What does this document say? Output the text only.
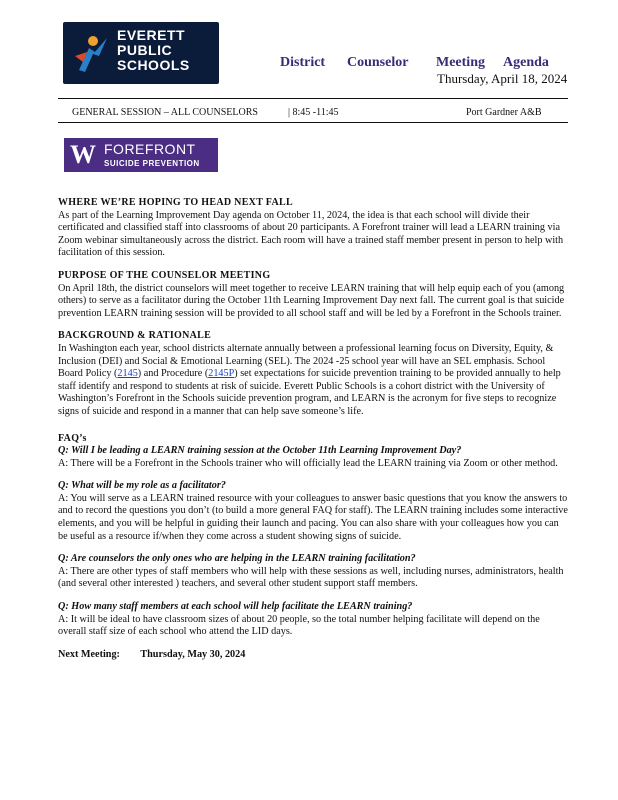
EVERETT
PUBLIC
SCHOOLS	District Counselor Meeting Agenda
Thursday, April 18, 2024
GENERAL SESSION – ALL COUNSELORS	| 8:45 -11:45	Port Gardner A&B
W FOREFRONT
SUICIDE PREVENTION

WHERE WE’RE HOPING TO HEAD NEXT FALL

As part of the Learning Improvement Day agenda on October 11, 2024, the idea is that each school will divide their certificated and classified staff into classrooms of about 20 participants. A Forefront trainer will lead a LEARN training via Zoom webinar simultaneously across the district. Each room will have a trained staff member present in person to help with facilitation of this session.

PURPOSE OF THE COUNSELOR MEETING

On April 18th, the district counselors will meet together to receive LEARN training that will help equip each of you (among others) to serve as a facilitator during the October 11th Learning Improvement Day next fall. The current goal is that suicide prevention LEARN training session will be provided to all school staff and will be led by a Forefront in the Schools trainer.

BACKGROUND & RATIONALE

In Washington each year, school districts alternate annually between a professional learning focus on Diversity, Equity, & Inclusion (DEI) and Social & Emotional Learning (SEL). The 2024 -25 school year will have an SEL emphasis. School Board Policy (2145) and Procedure (2145P) set expectations for suicide prevention training to be provided annually to help staff identify and respond to students at risk of suicide. Everett Public Schools is a cohort district with the University of Washington’s Forefront in the Schools suicide prevention program, and LEARN is the acronym for five steps to recognize signs of suicide and respond in a manner that can help save someone’s life.

FAQ’s

Q: Will I be leading a LEARN training session at the October 11th Learning Improvement Day?

A: There will be a Forefront in the Schools trainer who will officially lead the LEARN training via Zoom or other method.

Q: What will be my role as a facilitator?

A: You will serve as a LEARN trained resource with your colleagues to answer basic questions that you know the answers to and to record the questions you don’t (to build a more general FAQ for staff). The LEARN training includes some interactive elements, and you will be helpful in guiding their launch and pacing. You can also share with your colleagues how you can be useful as a resource if/when they come across a student showing signs of suicide.

Q: Are counselors the only ones who are helping in the LEARN training facilitation?

A: There are other types of staff members who will help with these sessions as well, including nurses, administrators, health (and several other interested ) teachers, and several other student support staff members.

Q: How many staff members at each school will help facilitate the LEARN training?

A: It will be ideal to have classroom sizes of about 20 people, so the total number helping facilitate will depend on the overall staff size of each school who attend the LID days.

Next Meeting: Thursday, May 30, 2024
